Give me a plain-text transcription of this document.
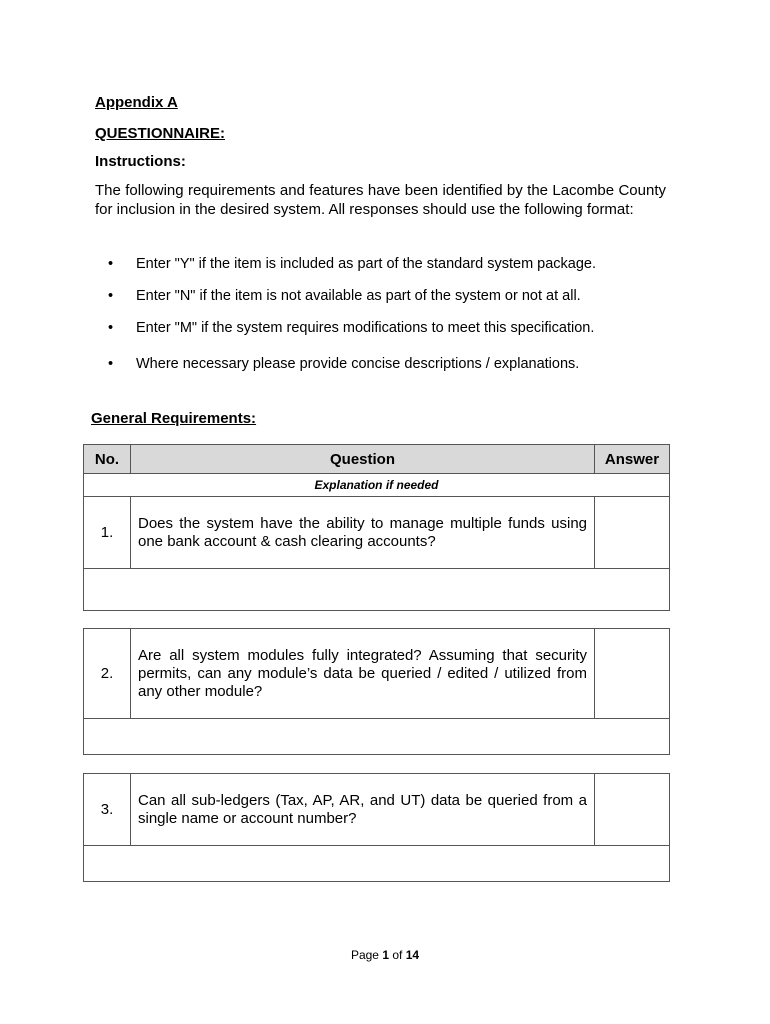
Appendix A
QUESTIONNAIRE:
Instructions:
The following requirements and features have been identified by the Lacombe County for inclusion in the desired system. All responses should use the following format:
• Enter "Y" if the item is included as part of the standard system package.
• Enter "N" if the item is not available as part of the system or not at all.
• Enter "M" if the system requires modifications to meet this specification.
• Where necessary please provide concise descriptions / explanations.
General Requirements:
No.	Question	Answer
Explanation if needed		
1.	Does the system have the ability to manage multiple funds using one bank account & cash clearing accounts?	

2.	Are all system modules fully integrated? Assuming that security permits, can any module’s data be queried / edited / utilized from any other module?	

3.	Can all sub-ledgers (Tax, AP, AR, and UT) data be queried from a single name or account number?	

Page 1 of 14
